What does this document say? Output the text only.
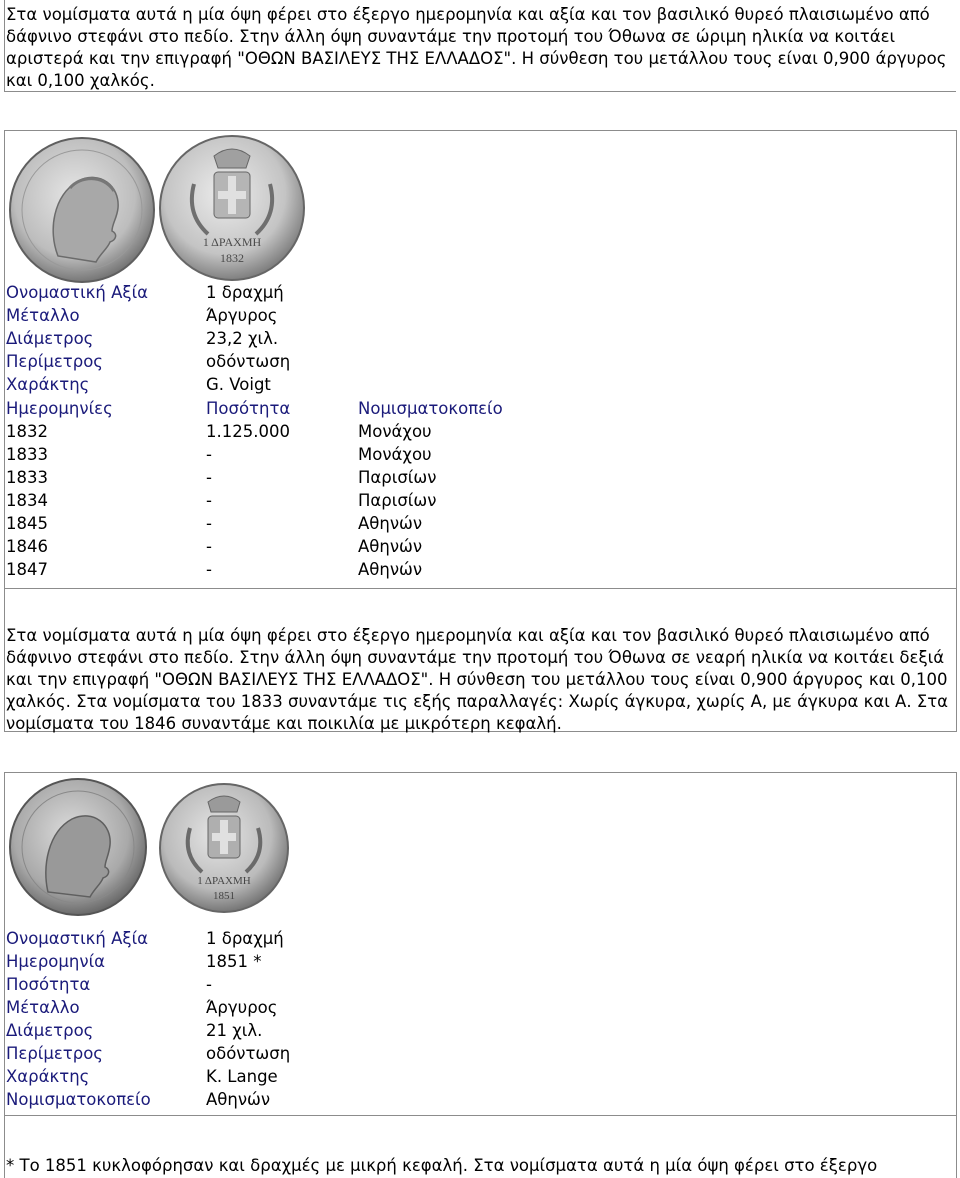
Στα νομίσματα αυτά η μία όψη φέρει στο έξεργο ημερομηνία και αξία και τον βασιλικό θυρεό πλαισιωμένο από δάφνινο στεφάνι στο πεδίο. Στην άλλη όψη συναντάμε την προτομή του Όθωνα σε ώριμη ηλικία να κοιτάει αριστερά και την επιγραφή "ΟΘΩΝ ΒΑΣΙΛΕΥΣ ΤΗΣ ΕΛΛΑΔΟΣ". Η σύνθεση του μετάλλου τους είναι 0,900 άργυρος και 0,100 χαλκός.
1 ΔΡΑΧΜΗ
1832
Ονομαστική Αξία	1 δραχμή
Μέταλλο	Άργυρος
Διάμετρος	23,2 χιλ.
Περίμετρος	οδόντωση
Χαράκτης	G. Voigt
Ημερομηνίες	Ποσότητα	Νομισματοκοπείο
1832	1.125.000	Μονάχου
1833	-	Μονάχου
1833	-	Παρισίων
1834	-	Παρισίων
1845	-	Αθηνών
1846	-	Αθηνών
1847	-	Αθηνών
Στα νομίσματα αυτά η μία όψη φέρει στο έξεργο ημερομηνία και αξία και τον βασιλικό θυρεό πλαισιωμένο από δάφνινο στεφάνι στο πεδίο. Στην άλλη όψη συναντάμε την προτομή του Όθωνα σε νεαρή ηλικία να κοιτάει δεξιά και την επιγραφή "ΟΘΩΝ ΒΑΣΙΛΕΥΣ ΤΗΣ ΕΛΛΑΔΟΣ". Η σύνθεση του μετάλλου τους είναι 0,900 άργυρος και 0,100 χαλκός. Στα νομίσματα του 1833 συναντάμε τις εξής παραλλαγές: Χωρίς άγκυρα, χωρίς Α, με άγκυρα και Α. Στα νομίσματα του 1846 συναντάμε και ποικιλία με μικρότερη κεφαλή.
1 ΔΡΑΧΜΗ
1851
Ονομαστική Αξία	1 δραχμή
Ημερομηνία	1851 *
Ποσότητα	-
Μέταλλο	Άργυρος
Διάμετρος	21 χιλ.
Περίμετρος	οδόντωση
Χαράκτης	K. Lange
Νομισματοκοπείο	Αθηνών
* Το 1851 κυκλοφόρησαν και δραχμές με μικρή κεφαλή. Στα νομίσματα αυτά η μία όψη φέρει στο έξεργο
